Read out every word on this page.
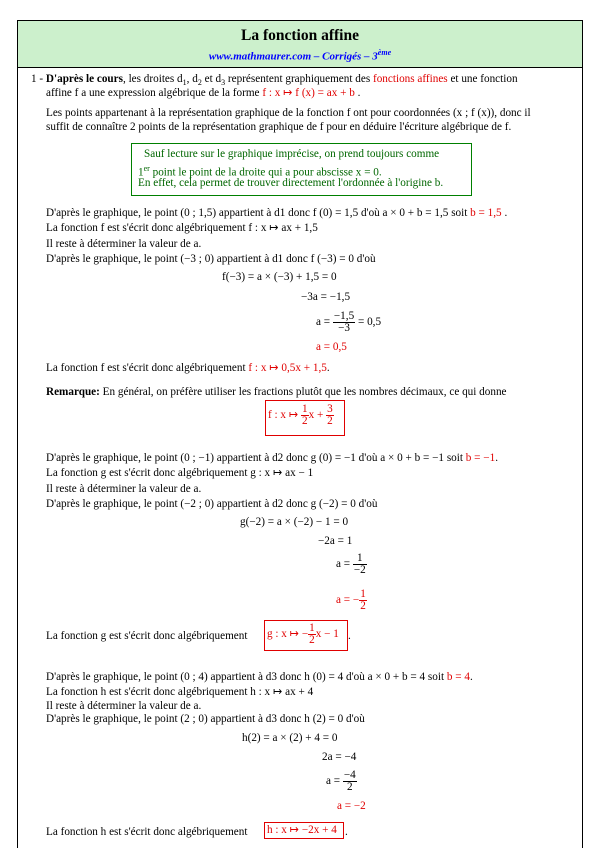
La fonction affine
www.mathmaurer.com – Corrigés – 3ème
1 - D'après le cours, les droites $d_1$, $d_2$ et $d_3$ représentent graphiquement des fonctions affines et une fonction
affine f a une expression algébrique de la forme f : x ↦ f (x) = ax + b .
Les points appartenant à la représentation graphique de la fonction f ont pour coordonnées (x ; f (x)), donc il
suffit de connaître 2 points de la représentation graphique de f pour en déduire l'écriture algébrique de f.
Sauf lecture sur le graphique imprécise, on prend toujours comme
1er point le point de la droite qui a pour abscisse x = 0.
En effet, cela permet de trouver directement l'ordonnée à l'origine b.
D'après le graphique, le point (0 ; 1,5) appartient à d1 donc f (0) = 1,5 d'où a × 0 + b = 1,5 soit b = 1,5 .
La fonction f est s'écrit donc algébriquement f : x ↦ ax + 1,5
Il reste à déterminer la valeur de a.
D'après le graphique, le point (−3 ; 0) appartient à d1 donc f (−3) = 0 d'où
f(−3) = a × (−3) + 1,5 = 0
−3a = −1,5
$a = \frac{-1,5}{-3} = 0,5$
a = 0,5
La fonction f est s'écrit donc algébriquement f : x ↦ 0,5x + 1,5.
Remarque: En général, on préfère utiliser les fractions plutôt que les nombres décimaux, ce qui donne
f : x ↦ $\frac{1}{2}$ $x + \frac{3}{2}$
D'après le graphique, le point (0 ; −1) appartient à d2 donc g (0) = −1 d'où a × 0 + b = −1 soit b = −1.
La fonction g est s'écrit donc algébriquement g : x ↦ ax − 1
Il reste à déterminer la valeur de a.
D'après le graphique, le point (−2 ; 0) appartient à d2 donc g (−2) = 0 d'où
g(−2) = a × (−2) − 1 = 0
−2a = 1
$a = \frac{1}{-2}$
a = − $\frac{1}{2}$
La fonction g est s'écrit donc algébriquement g : x ↦ − $\frac{1}{2}$ x − 1 .
D'après le graphique, le point (0 ; 4) appartient à d3 donc h (0) = 4 d'où a × 0 + b = 4 soit b = 4.
La fonction h est s'écrit donc algébriquement h : x ↦ ax + 4
Il reste à déterminer la valeur de a.
D'après le graphique, le point (2 ; 0) appartient à d3 donc h (2) = 0 d'où
h(2) = a × (2) + 4 = 0
2a = −4
$a = \frac{-4}{2}$
a = −2
La fonction h est s'écrit donc algébriquement h : x ↦ −2x + 4 .
